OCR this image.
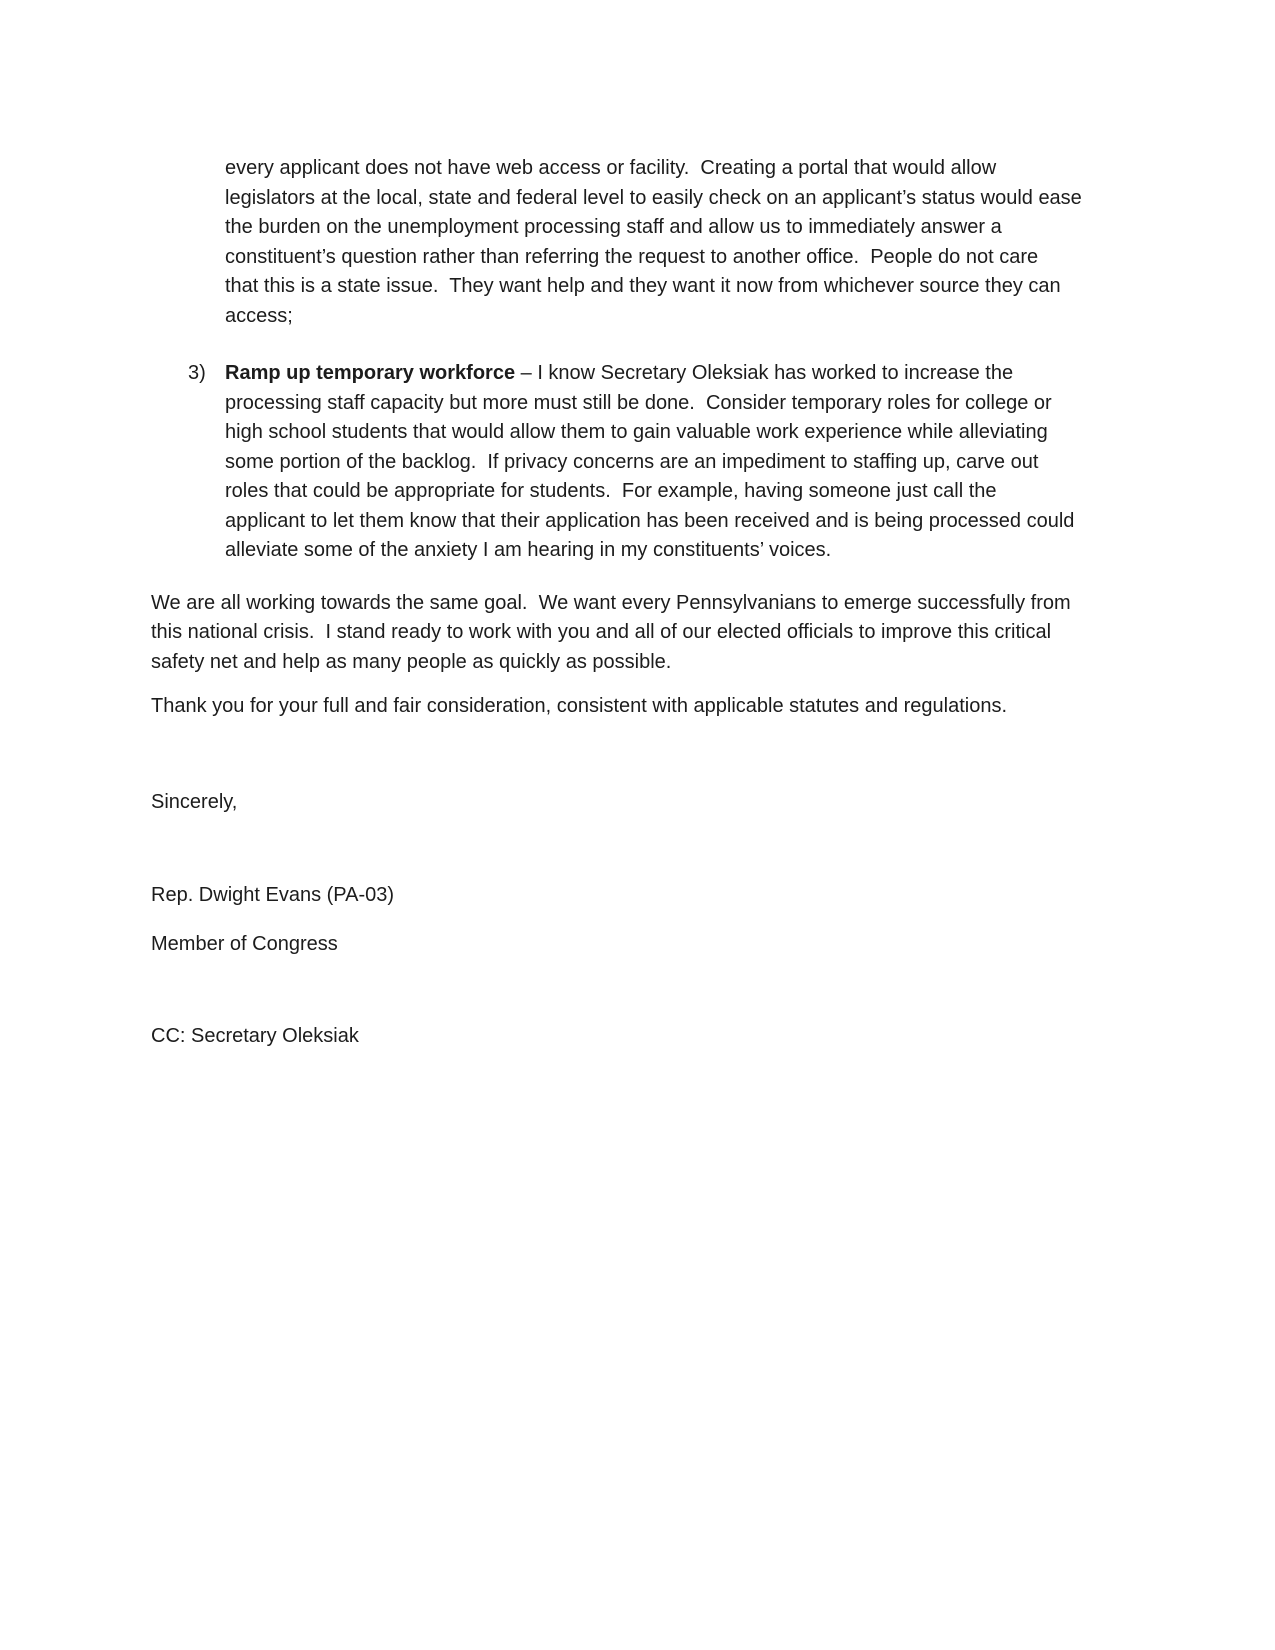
every applicant does not have web access or facility.  Creating a portal that would allow
legislators at the local, state and federal level to easily check on an applicant’s status would ease
the burden on the unemployment processing staff and allow us to immediately answer a
constituent’s question rather than referring the request to another office.  People do not care
that this is a state issue.  They want help and they want it now from whichever source they can
access;

3) Ramp up temporary workforce – I know Secretary Oleksiak has worked to increase the
processing staff capacity but more must still be done.  Consider temporary roles for college or
high school students that would allow them to gain valuable work experience while alleviating
some portion of the backlog.  If privacy concerns are an impediment to staffing up, carve out
roles that could be appropriate for students.  For example, having someone just call the
applicant to let them know that their application has been received and is being processed could
alleviate some of the anxiety I am hearing in my constituents’ voices.

We are all working towards the same goal.  We want every Pennsylvanians to emerge successfully from
this national crisis.  I stand ready to work with you and all of our elected officials to improve this critical
safety net and help as many people as quickly as possible.

Thank you for your full and fair consideration, consistent with applicable statutes and regulations.

Sincerely,

Rep. Dwight Evans (PA-03)

Member of Congress

CC: Secretary Oleksiak
